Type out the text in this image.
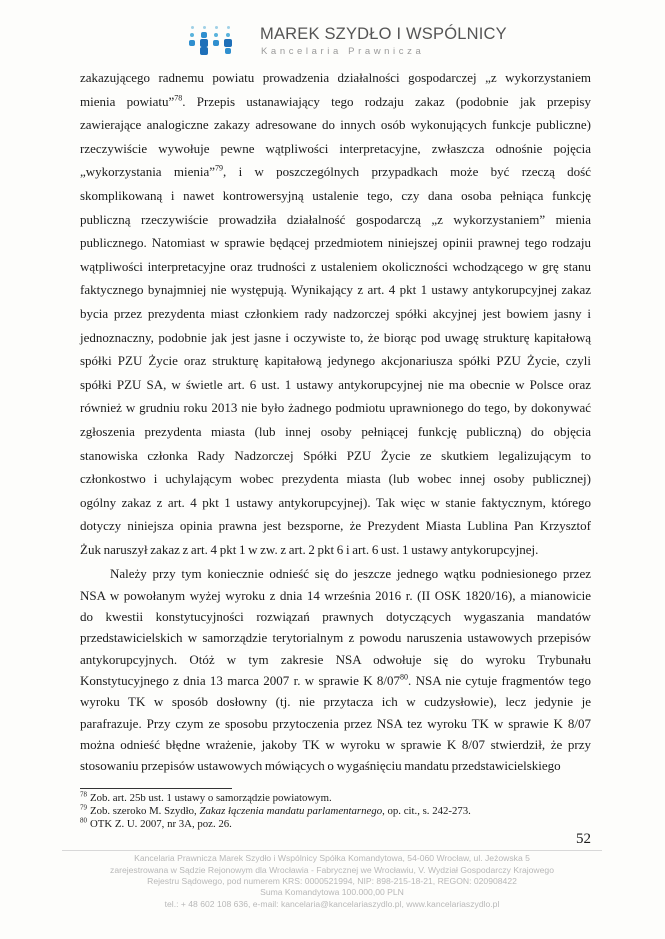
MAREK SZYDŁO I WSPÓLNICY
Kancelaria Prawnicza
zakazującego radnemu powiatu prowadzenia działalności gospodarczej „z wykorzystaniem
mienia powiatu”$^{78}$. Przepis ustanawiający tego rodzaju zakaz (podobnie jak przepisy
zawierające analogiczne zakazy adresowane do innych osób wykonujących funkcje publiczne)
rzeczywiście wywołuje pewne wątpliwości interpretacyjne, zwłaszcza odnośnie pojęcia
„wykorzystania mienia”$^{79}$, i w poszczególnych przypadkach może być rzeczą dość
skomplikowaną i nawet kontrowersyjną ustalenie tego, czy dana osoba pełniąca funkcję
publiczną rzeczywiście prowadziła działalność gospodarczą „z wykorzystaniem” mienia
publicznego. Natomiast w sprawie będącej przedmiotem niniejszej opinii prawnej tego rodzaju
wątpliwości interpretacyjne oraz trudności z ustaleniem okoliczności wchodzącego w grę stanu
faktycznego bynajmniej nie występują. Wynikający z art. 4 pkt 1 ustawy antykorupcyjnej zakaz
bycia przez prezydenta miast członkiem rady nadzorczej spółki akcyjnej jest bowiem jasny i
jednoznaczny, podobnie jak jest jasne i oczywiste to, że biorąc pod uwagę strukturę kapitałową
spółki PZU Życie oraz strukturę kapitałową jedynego akcjonariusza spółki PZU Życie, czyli
spółki PZU SA, w świetle art. 6 ust. 1 ustawy antykorupcyjnej nie ma obecnie w Polsce oraz
również w grudniu roku 2013 nie było żadnego podmiotu uprawnionego do tego, by dokonywać
zgłoszenia prezydenta miasta (lub innej osoby pełniącej funkcję publiczną) do objęcia
stanowiska członka Rady Nadzorczej Spółki PZU Życie ze skutkiem legalizującym to
członkostwo i uchylającym wobec prezydenta miasta (lub wobec innej osoby publicznej)
ogólny zakaz z art. 4 pkt 1 ustawy antykorupcyjnej). Tak więc w stanie faktycznym, którego
dotyczy niniejsza opinia prawna jest bezsporne, że Prezydent Miasta Lublina Pan Krzysztof
Żuk naruszył zakaz z art. 4 pkt 1 w zw. z art. 2 pkt 6 i art. 6 ust. 1 ustawy antykorupcyjnej.
Należy przy tym koniecznie odnieść się do jeszcze jednego wątku podniesionego przez
NSA w powołanym wyżej wyroku z dnia 14 września 2016 r. (II OSK 1820/16), a mianowicie
do kwestii konstytucyjności rozwiązań prawnych dotyczących wygaszania mandatów
przedstawicielskich w samorządzie terytorialnym z powodu naruszenia ustawowych przepisów
antykorupcyjnych. Otóż w tym zakresie NSA odwołuje się do wyroku Trybunału
Konstytucyjnego z dnia 13 marca 2007 r. w sprawie K $8/07^{80}$. NSA nie cytuje fragmentów tego
wyroku TK w sposób dosłowny (tj. nie przytacza ich w cudzysłowie), lecz jedynie je
parafrazuje. Przy czym ze sposobu przytoczenia przez NSA tez wyroku TK w sprawie K 8/07
można odnieść błędne wrażenie, jakoby TK w wyroku w sprawie K 8/07 stwierdził, że przy
stosowaniu przepisów ustawowych mówiących o wygaśnięciu mandatu przedstawicielskiego
$^{78}$ Zob. art. 25b ust. 1 ustawy o samorządzie powiatowym.
$^{79}$ Zob. szeroko M. Szydło, Zakaz łączenia mandatu parlamentarnego, op. cit., s. 242-273.
$^{80}$ OTK Z. U. 2007, nr 3A, poz. 26.
52
Kancelaria Prawnicza Marek Szydło i Wspólnicy Spółka Komandytowa, 54-060 Wrocław, ul. Jeżowska 5
zarejestrowana w Sądzie Rejonowym dla Wrocławia - Fabrycznej we Wrocławiu, V. Wydział Gospodarczy Krajowego
Rejestru Sądowego, pod numerem KRS: 0000521994, NIP: 898-215-18-21, REGON: 020908422
Suma Komandytowa 100.000,00 PLN
tel.: + 48 602 108 636, e-mail: kancelaria@kancelariaszydlo.pl, www.kancelariaszydlo.pl
